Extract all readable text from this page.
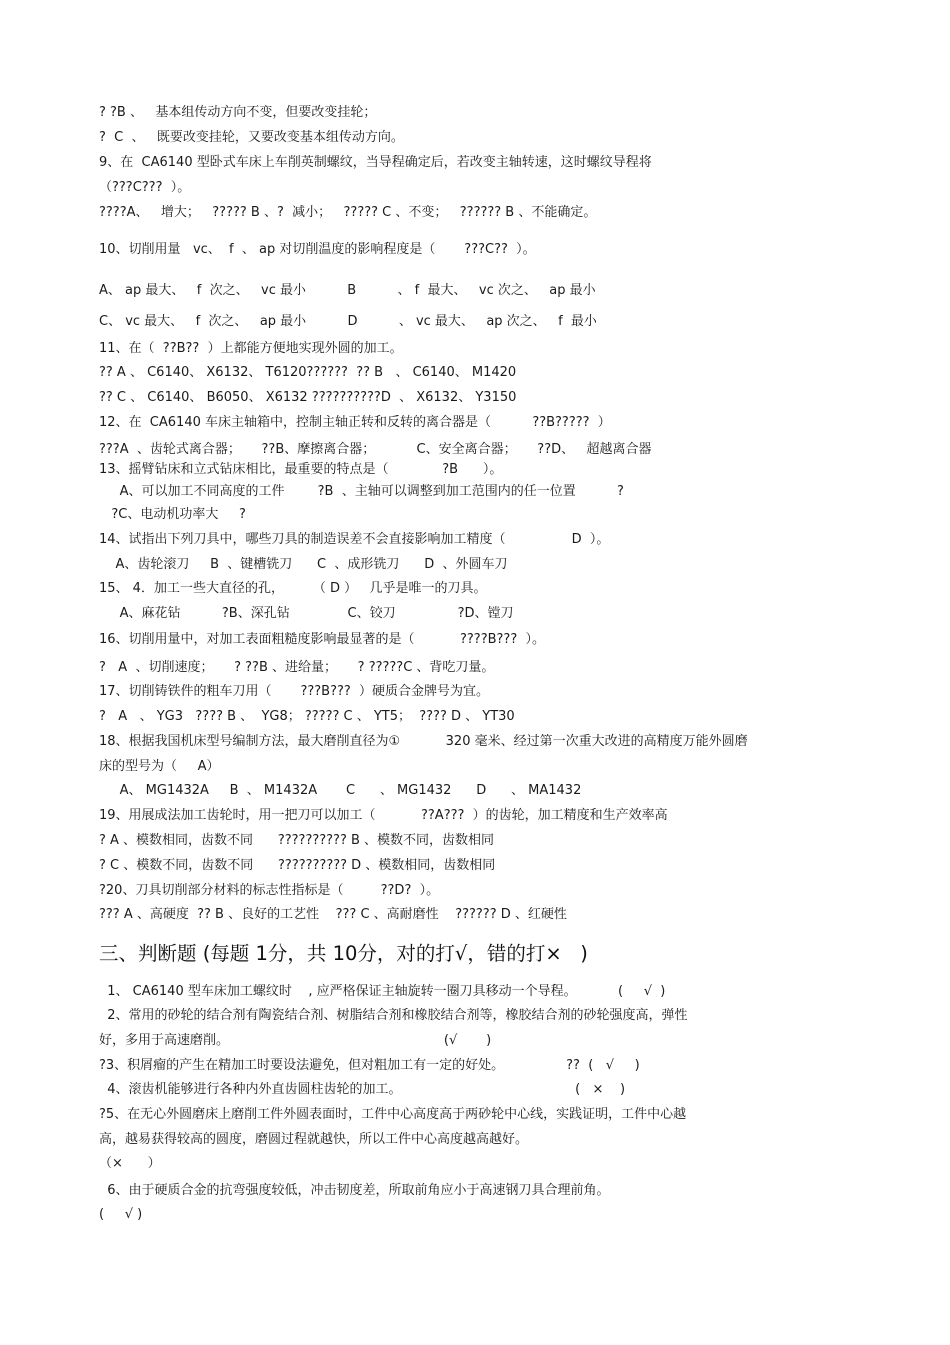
? ?B 、   基本组传动方向不变，但要改变挂轮；
?  C  、   既要改变挂轮，又要改变基本组传动方向。
9、在  CA6140 型卧式车床上车削英制螺纹，当导程确定后，若改变主轴转速，这时螺纹导程将
（???C???  ）。
????A、   增大；   ????? B 、?  减小；   ????? C 、不变；   ?????? B 、不能确定。
10、切削用量   vc、  f  、 ap 对切削温度的影响程度是（       ???C??  ）。
A、 ap 最大、   f  次之、   vc 最小          B          、 f  最大、   vc 次之、   ap 最小
C、 vc 最大、   f  次之、   ap 最小          D          、 vc 最大、   ap 次之、   f  最小
11、在（  ??B??  ）上都能方便地实现外圆的加工。
?? A 、 C6140、 X6132、 T6120??????  ?? B   、 C6140、 M1420
?? C 、 C6140、 B6050、 X6132 ??????????D  、 X6132、 Y3150
12、在  CA6140 车床主轴箱中，控制主轴正转和反转的离合器是（          ??B?????  ）
???A  、齿轮式离合器；     ??B、摩擦离合器；          C、安全离合器；     ??D、   超越离合器
13、摇臂钻床和立式钻床相比，最重要的特点是（             ?B      ）。
A、可以加工不同高度的工件        ?B  、主轴可以调整到加工范围内的任一位置          ?
?C、电动机功率大     ?
14、试指出下列刀具中，哪些刀具的制造误差不会直接影响加工精度（                D  ）。
A、齿轮滚刀     B  、键槽铣刀      C  、成形铣刀      D  、外圆车刀
15、 4．加工一些大直径的孔，       （ D ）   几乎是唯一的刀具。
A、麻花钻          ?B、深孔钻              C、铰刀               ?D、镗刀
16、切削用量中，对加工表面粗糙度影响最显著的是（           ????B???  ）。
?   A  、切削速度；     ? ??B 、进给量；     ? ?????C 、背吃刀量。
17、切削铸铁件的粗车刀用（       ???B???  ）硬质合金牌号为宜。
?   A   、 YG3   ???? B 、  YG8； ????? C 、 YT5；  ???? D 、 YT30
18、根据我国机床型号编制方法，最大磨削直径为①           320 毫米、经过第一次重大改进的高精度万能外圆磨
床的型号为（     A）
A、 MG1432A     B  、 M1432A       C      、 MG1432      D      、 MA1432
19、用展成法加工齿轮时，用一把刀可以加工（           ??A???  ）的齿轮，加工精度和生产效率高
? A 、模数相同，齿数不同      ?????????? B 、模数不同，齿数相同
? C 、模数不同，齿数不同      ?????????? D 、模数相同，齿数相同
?20、刀具切削部分材料的标志性指标是（         ??D?  ）。
??? A 、高硬度  ?? B 、良好的工艺性    ??? C 、高耐磨性    ?????? D 、红硬性
三、判断题 (每题 1分，共 10分，对的打√，错的打×   )
1、 CA6140 型车床加工螺纹时    , 应严格保证主轴旋转一圈刀具移动一个导程。          (     √  )
2、常用的砂轮的结合剂有陶瓷结合剂、树脂结合剂和橡胶结合剂等，橡胶结合剂的砂轮强度高，弹性
好，多用于高速磨削。                                                    (√       )
?3、积屑瘤的产生在精加工时要设法避免，但对粗加工有一定的好处。               ??  (   √     )
4、滚齿机能够进行各种内外直齿圆柱齿轮的加工。                                          (   ×    )
?5、在无心外圆磨床上磨削工件外圆表面时，工件中心高度高于两砂轮中心线，实践证明，工件中心越
高，越易获得较高的圆度，磨圆过程就越快，所以工件中心高度越高越好。
（×      ）
6、由于硬质合金的抗弯强度较低，冲击韧度差，所取前角应小于高速钢刀具合理前角。
(     √ )
